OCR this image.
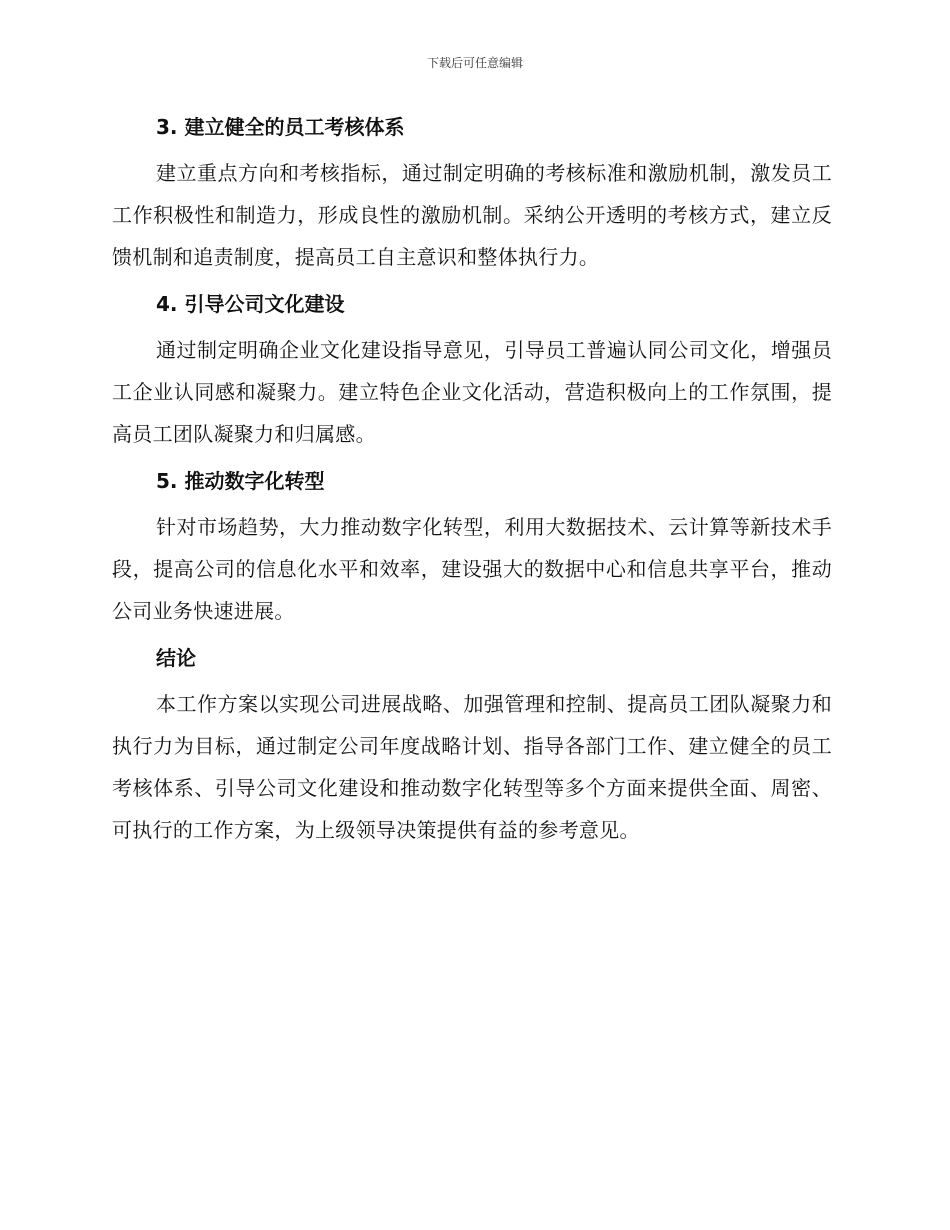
下载后可任意编辑
3. 建立健全的员工考核体系

建立重点方向和考核指标，通过制定明确的考核标准和激励机制，激发员工工作积极性和制造力，形成良性的激励机制。采纳公开透明的考核方式，建立反馈机制和追责制度，提高员工自主意识和整体执行力。

4. 引导公司文化建设

通过制定明确企业文化建设指导意见，引导员工普遍认同公司文化，增强员工企业认同感和凝聚力。建立特色企业文化活动，营造积极向上的工作氛围，提高员工团队凝聚力和归属感。

5. 推动数字化转型

针对市场趋势，大力推动数字化转型，利用大数据技术、云计算等新技术手段，提高公司的信息化水平和效率，建设强大的数据中心和信息共享平台，推动公司业务快速进展。

结论

本工作方案以实现公司进展战略、加强管理和控制、提高员工团队凝聚力和执行力为目标，通过制定公司年度战略计划、指导各部门工作、建立健全的员工考核体系、引导公司文化建设和推动数字化转型等多个方面来提供全面、周密、可执行的工作方案，为上级领导决策提供有益的参考意见。
